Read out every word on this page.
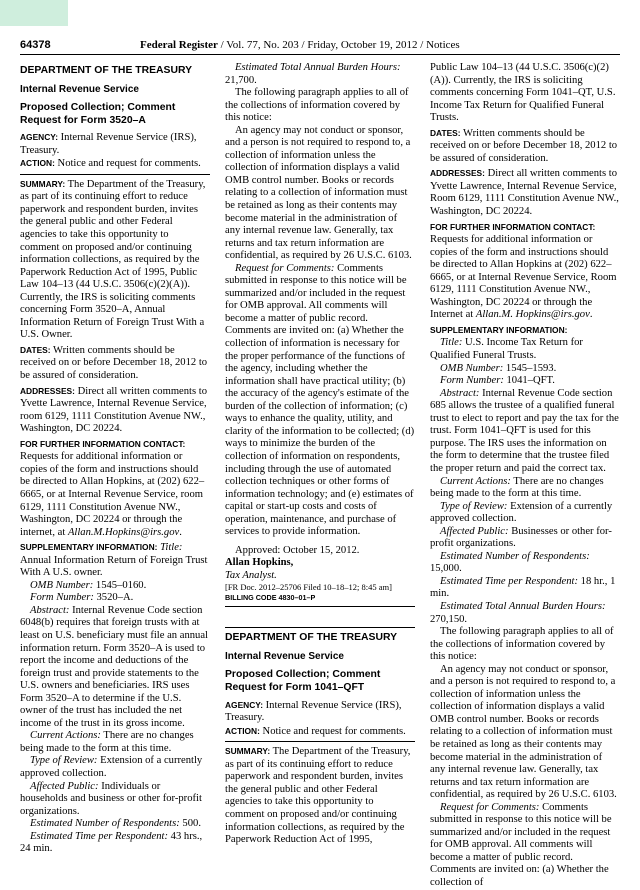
64378	Federal Register / Vol. 77, No. 203 / Friday, October 19, 2012 / Notices
DEPARTMENT OF THE TREASURY
Internal Revenue Service
Proposed Collection; Comment Request for Form 3520–A

AGENCY: Internal Revenue Service (IRS), Treasury.

ACTION: Notice and request for comments.

SUMMARY: The Department of the Treasury, as part of its continuing effort to reduce paperwork and respondent burden, invites the general public and other Federal agencies to take this opportunity to comment on proposed and/or continuing information collections, as required by the Paperwork Reduction Act of 1995, Public Law 104–13 (44 U.S.C. 3506(c)(2)(A)). Currently, the IRS is soliciting comments concerning Form 3520–A, Annual Information Return of Foreign Trust With a U.S. Owner.

DATES: Written comments should be received on or before December 18, 2012 to be assured of consideration.

ADDRESSES: Direct all written comments to Yvette Lawrence, Internal Revenue Service, room 6129, 1111 Constitution Avenue NW., Washington, DC 20224.

FOR FURTHER INFORMATION CONTACT:

Requests for additional information or copies of the form and instructions should be directed to Allan Hopkins, at (202) 622–6665, or at Internal Revenue Service, room 6129, 1111 Constitution Avenue NW., Washington, DC 20224 or through the internet, at Allan.M.Hopkins@irs.gov.

SUPPLEMENTARY INFORMATION: Title: Annual Information Return of Foreign Trust With A U.S. owner.

OMB Number: 1545–0160.

Form Number: 3520–A.

Abstract: Internal Revenue Code section 6048(b) requires that foreign trusts with at least on U.S. beneficiary must file an annual information return. Form 3520–A is used to report the income and deductions of the foreign trust and provide statements to the U.S. owners and beneficiaries. IRS uses Form 3520–A to determine if the U.S. owner of the trust has included the net income of the trust in its gross income.

Current Actions: There are no changes being made to the form at this time.

Type of Review: Extension of a currently approved collection.

Affected Public: Individuals or households and business or other for-profit organizations.

Estimated Number of Respondents: 500.

Estimated Time per Respondent: 43 hrs., 24 min.

Estimated Total Annual Burden Hours: 21,700.

The following paragraph applies to all of the collections of information covered by this notice:

An agency may not conduct or sponsor, and a person is not required to respond to, a collection of information unless the collection of information displays a valid OMB control number. Books or records relating to a collection of information must be retained as long as their contents may become material in the administration of any internal revenue law. Generally, tax returns and tax return information are confidential, as required by 26 U.S.C. 6103.

Request for Comments: Comments submitted in response to this notice will be summarized and/or included in the request for OMB approval. All comments will become a matter of public record. Comments are invited on: (a) Whether the collection of information is necessary for the proper performance of the functions of the agency, including whether the information shall have practical utility; (b) the accuracy of the agency's estimate of the burden of the collection of information; (c) ways to enhance the quality, utility, and clarity of the information to be collected; (d) ways to minimize the burden of the collection of information on respondents, including through the use of automated collection techniques or other forms of information technology; and (e) estimates of capital or start-up costs and costs of operation, maintenance, and purchase of services to provide information.

Approved: October 15, 2012.

Allan Hopkins,

Tax Analyst.

[FR Doc. 2012–25706 Filed 10–18–12; 8:45 am]

BILLING CODE 4830–01–P

DEPARTMENT OF THE TREASURY
Internal Revenue Service
Proposed Collection; Comment Request for Form 1041–QFT

AGENCY: Internal Revenue Service (IRS), Treasury.

ACTION: Notice and request for comments.

SUMMARY: The Department of the Treasury, as part of its continuing effort to reduce paperwork and respondent burden, invites the general public and other Federal agencies to take this opportunity to comment on proposed and/or continuing information collections, as required by the Paperwork Reduction Act of 1995,

Public Law 104–13 (44 U.S.C. 3506(c)(2)(A)). Currently, the IRS is soliciting comments concerning Form 1041–QT, U.S. Income Tax Return for Qualified Funeral Trusts.

DATES: Written comments should be received on or before December 18, 2012 to be assured of consideration.

ADDRESSES: Direct all written comments to Yvette Lawrence, Internal Revenue Service, Room 6129, 1111 Constitution Avenue NW., Washington, DC 20224.

FOR FURTHER INFORMATION CONTACT:

Requests for additional information or copies of the form and instructions should be directed to Allan Hopkins at (202) 622–6665, or at Internal Revenue Service, Room 6129, 1111 Constitution Avenue NW., Washington, DC 20224 or through the Internet at Allan.M. Hopkins@irs.gov.

SUPPLEMENTARY INFORMATION:

Title: U.S. Income Tax Return for Qualified Funeral Trusts.

OMB Number: 1545–1593.

Form Number: 1041–QFT.

Abstract: Internal Revenue Code section 685 allows the trustee of a qualified funeral trust to elect to report and pay the tax for the trust. Form 1041–QFT is used for this purpose. The IRS uses the information on the form to determine that the trustee filed the proper return and paid the correct tax.

Current Actions: There are no changes being made to the form at this time.

Type of Review: Extension of a currently approved collection.

Affected Public: Businesses or other for-profit organizations.

Estimated Number of Respondents: 15,000.

Estimated Time per Respondent: 18 hr., 1 min.

Estimated Total Annual Burden Hours: 270,150.

The following paragraph applies to all of the collections of information covered by this notice:

An agency may not conduct or sponsor, and a person is not required to respond to, a collection of information unless the collection of information displays a valid OMB control number. Books or records relating to a collection of information must be retained as long as their contents may become material in the administration of any internal revenue law. Generally, tax returns and tax return information are confidential, as required by 26 U.S.C. 6103.

Request for Comments: Comments submitted in response to this notice will be summarized and/or included in the request for OMB approval. All comments will become a matter of public record. Comments are invited on: (a) Whether the collection of
